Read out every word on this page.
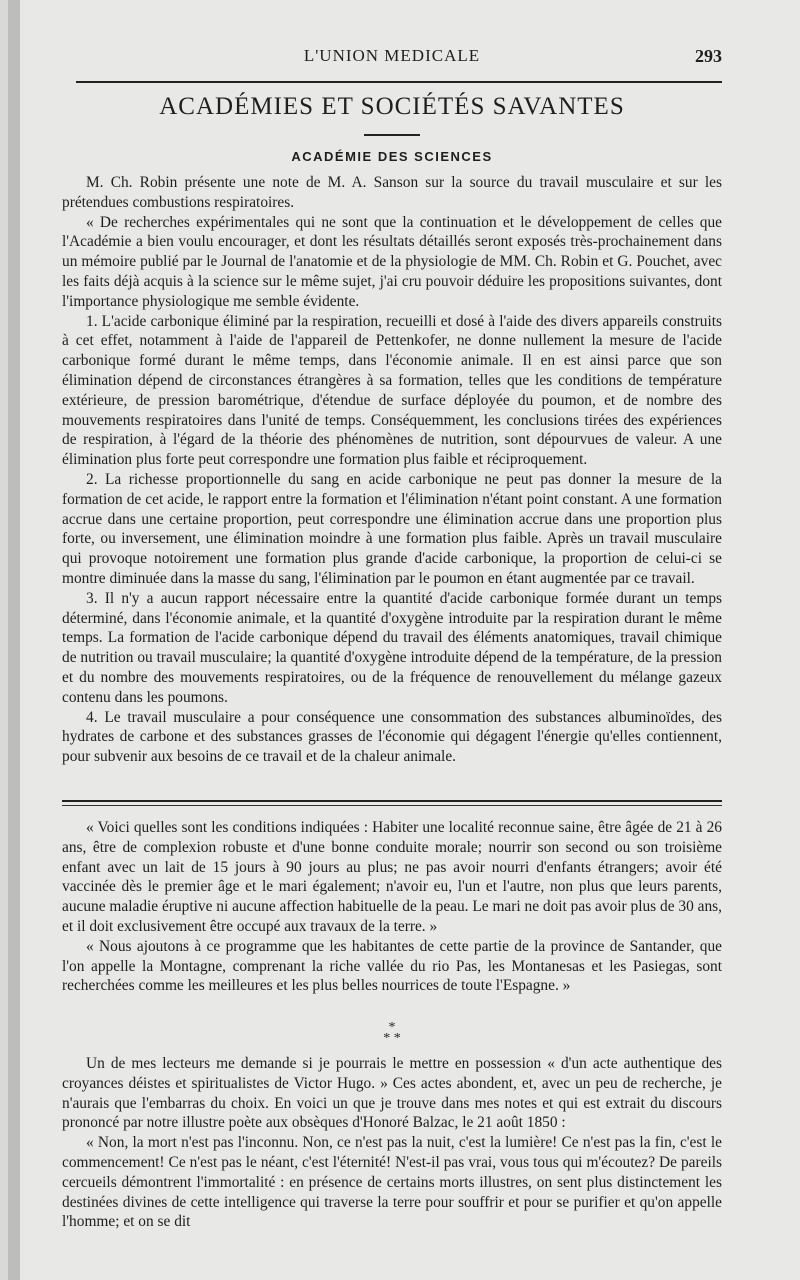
L'UNION MEDICALE	293
ACADÉMIES ET SOCIÉTÉS SAVANTES
ACADÉMIE DES SCIENCES

M. Ch. Robin présente une note de M. A. Sanson sur la source du travail musculaire et sur les prétendues combustions respiratoires.

« De recherches expérimentales qui ne sont que la continuation et le développement de celles que l'Académie a bien voulu encourager, et dont les résultats détaillés seront exposés très-prochainement dans un mémoire publié par le Journal de l'anatomie et de la physiologie de MM. Ch. Robin et G. Pouchet, avec les faits déjà acquis à la science sur le même sujet, j'ai cru pouvoir déduire les propositions suivantes, dont l'importance physiologique me semble évidente.

1. L'acide carbonique éliminé par la respiration, recueilli et dosé à l'aide des divers appareils construits à cet effet, notamment à l'aide de l'appareil de Pettenkofer, ne donne nullement la mesure de l'acide carbonique formé durant le même temps, dans l'économie animale. Il en est ainsi parce que son élimination dépend de circonstances étrangères à sa formation, telles que les conditions de température extérieure, de pression barométrique, d'étendue de surface déployée du poumon, et de nombre des mouvements respiratoires dans l'unité de temps. Conséquemment, les conclusions tirées des expériences de respiration, à l'égard de la théorie des phénomènes de nutrition, sont dépourvues de valeur. A une élimination plus forte peut correspondre une formation plus faible et réciproquement.

2. La richesse proportionnelle du sang en acide carbonique ne peut pas donner la mesure de la formation de cet acide, le rapport entre la formation et l'élimination n'étant point constant. A une formation accrue dans une certaine proportion, peut correspondre une élimination accrue dans une proportion plus forte, ou inversement, une élimination moindre à une formation plus faible. Après un travail musculaire qui provoque notoirement une formation plus grande d'acide carbonique, la proportion de celui-ci se montre diminuée dans la masse du sang, l'élimination par le poumon en étant augmentée par ce travail.

3. Il n'y a aucun rapport nécessaire entre la quantité d'acide carbonique formée durant un temps déterminé, dans l'économie animale, et la quantité d'oxygène introduite par la respiration durant le même temps. La formation de l'acide carbonique dépend du travail des éléments anatomiques, travail chimique de nutrition ou travail musculaire; la quantité d'oxygène introduite dépend de la température, de la pression et du nombre des mouvements respiratoires, ou de la fréquence de renouvellement du mélange gazeux contenu dans les poumons.

4. Le travail musculaire a pour conséquence une consommation des substances albuminoïdes, des hydrates de carbone et des substances grasses de l'économie qui dégagent l'énergie qu'elles contiennent, pour subvenir aux besoins de ce travail et de la chaleur animale.

« Voici quelles sont les conditions indiquées : Habiter une localité reconnue saine, être âgée de 21 à 26 ans, être de complexion robuste et d'une bonne conduite morale; nourrir son second ou son troisième enfant avec un lait de 15 jours à 90 jours au plus; ne pas avoir nourri d'enfants étrangers; avoir été vaccinée dès le premier âge et le mari également; n'avoir eu, l'un et l'autre, non plus que leurs parents, aucune maladie éruptive ni aucune affection habituelle de la peau. Le mari ne doit pas avoir plus de 30 ans, et il doit exclusivement être occupé aux travaux de la terre. »

« Nous ajoutons à ce programme que les habitantes de cette partie de la province de Santander, que l'on appelle la Montagne, comprenant la riche vallée du rio Pas, les Montanesas et les Pasiegas, sont recherchées comme les meilleures et les plus belles nourrices de toute l'Espagne. »

*
* *

Un de mes lecteurs me demande si je pourrais le mettre en possession « d'un acte authentique des croyances déistes et spiritualistes de Victor Hugo. » Ces actes abondent, et, avec un peu de recherche, je n'aurais que l'embarras du choix. En voici un que je trouve dans mes notes et qui est extrait du discours prononcé par notre illustre poète aux obsèques d'Honoré Balzac, le 21 août 1850 :

« Non, la mort n'est pas l'inconnu. Non, ce n'est pas la nuit, c'est la lumière! Ce n'est pas la fin, c'est le commencement! Ce n'est pas le néant, c'est l'éternité! N'est-il pas vrai, vous tous qui m'écoutez? De pareils cercueils démontrent l'immortalité : en présence de certains morts illustres, on sent plus distinctement les destinées divines de cette intelligence qui traverse la terre pour souffrir et pour se purifier et qu'on appelle l'homme; et on se dit
